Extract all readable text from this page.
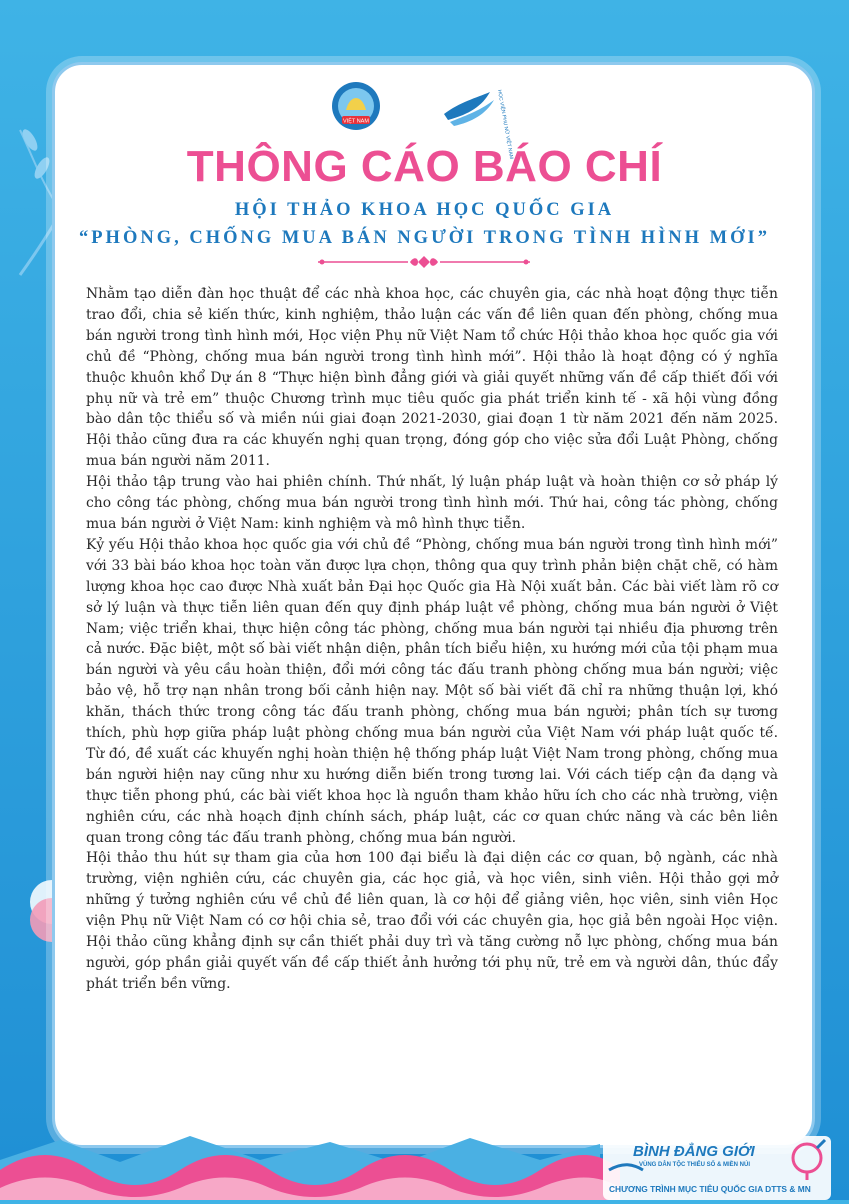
VIỆT NAM	HỌC VIỆN PHỤ NỮ VIỆT NAM
THÔNG CÁO BÁO CHÍ
HỘI THẢO KHOA HỌC QUỐC GIA
“PHÒNG, CHỐNG MUA BÁN NGƯỜI TRONG TÌNH HÌNH MỚI”

Nhằm tạo diễn đàn học thuật để các nhà khoa học, các chuyên gia, các nhà hoạt động thực tiễn trao đổi, chia sẻ kiến thức, kinh nghiệm, thảo luận các vấn đề liên quan đến phòng, chống mua bán người trong tình hình mới, Học viện Phụ nữ Việt Nam tổ chức Hội thảo khoa học quốc gia với chủ đề “Phòng, chống mua bán người trong tình hình mới”. Hội thảo là hoạt động có ý nghĩa thuộc khuôn khổ Dự án 8 “Thực hiện bình đẳng giới và giải quyết những vấn đề cấp thiết đối với phụ nữ và trẻ em” thuộc Chương trình mục tiêu quốc gia phát triển kinh tế - xã hội vùng đồng bào dân tộc thiểu số và miền núi giai đoạn 2021-2030, giai đoạn 1 từ năm 2021 đến năm 2025. Hội thảo cũng đưa ra các khuyến nghị quan trọng, đóng góp cho việc sửa đổi Luật Phòng, chống mua bán người năm 2011.

Hội thảo tập trung vào hai phiên chính. Thứ nhất, lý luận pháp luật và hoàn thiện cơ sở pháp lý cho công tác phòng, chống mua bán người trong tình hình mới. Thứ hai, công tác phòng, chống mua bán người ở Việt Nam: kinh nghiệm và mô hình thực tiễn.

Kỷ yếu Hội thảo khoa học quốc gia với chủ đề “Phòng, chống mua bán người trong tình hình mới” với 33 bài báo khoa học toàn văn được lựa chọn, thông qua quy trình phản biện chặt chẽ, có hàm lượng khoa học cao được Nhà xuất bản Đại học Quốc gia Hà Nội xuất bản. Các bài viết làm rõ cơ sở lý luận và thực tiễn liên quan đến quy định pháp luật về phòng, chống mua bán người ở Việt Nam; việc triển khai, thực hiện công tác phòng, chống mua bán người tại nhiều địa phương trên cả nước. Đặc biệt, một số bài viết nhận diện, phân tích biểu hiện, xu hướng mới của tội phạm mua bán người và yêu cầu hoàn thiện, đổi mới công tác đấu tranh phòng chống mua bán người; việc bảo vệ, hỗ trợ nạn nhân trong bối cảnh hiện nay. Một số bài viết đã chỉ ra những thuận lợi, khó khăn, thách thức trong công tác đấu tranh phòng, chống mua bán người; phân tích sự tương thích, phù hợp giữa pháp luật phòng chống mua bán người của Việt Nam với pháp luật quốc tế. Từ đó, đề xuất các khuyến nghị hoàn thiện hệ thống pháp luật Việt Nam trong phòng, chống mua bán người hiện nay cũng như xu hướng diễn biến trong tương lai. Với cách tiếp cận đa dạng và thực tiễn phong phú, các bài viết khoa học là nguồn tham khảo hữu ích cho các nhà trường, viện nghiên cứu, các nhà hoạch định chính sách, pháp luật, các cơ quan chức năng và các bên liên quan trong công tác đấu tranh phòng, chống mua bán người.

Hội thảo thu hút sự tham gia của hơn 100 đại biểu là đại diện các cơ quan, bộ ngành, các nhà trường, viện nghiên cứu, các chuyên gia, các học giả, và học viên, sinh viên. Hội thảo gợi mở những ý tưởng nghiên cứu về chủ đề liên quan, là cơ hội để giảng viên, học viên, sinh viên Học viện Phụ nữ Việt Nam có cơ hội chia sẻ, trao đổi với các chuyên gia, học giả bên ngoài Học viện. Hội thảo cũng khẳng định sự cần thiết phải duy trì và tăng cường nỗ lực phòng, chống mua bán người, góp phần giải quyết vấn đề cấp thiết ảnh hưởng tới phụ nữ, trẻ em và người dân, thúc đẩy phát triển bền vững.

BÌNH ĐẲNG GIỚI
VÙNG DÂN TỘC THIỂU SỐ & MIỀN NÚI
CHƯƠNG TRÌNH MỤC TIÊU QUỐC GIA DTTS & MN
